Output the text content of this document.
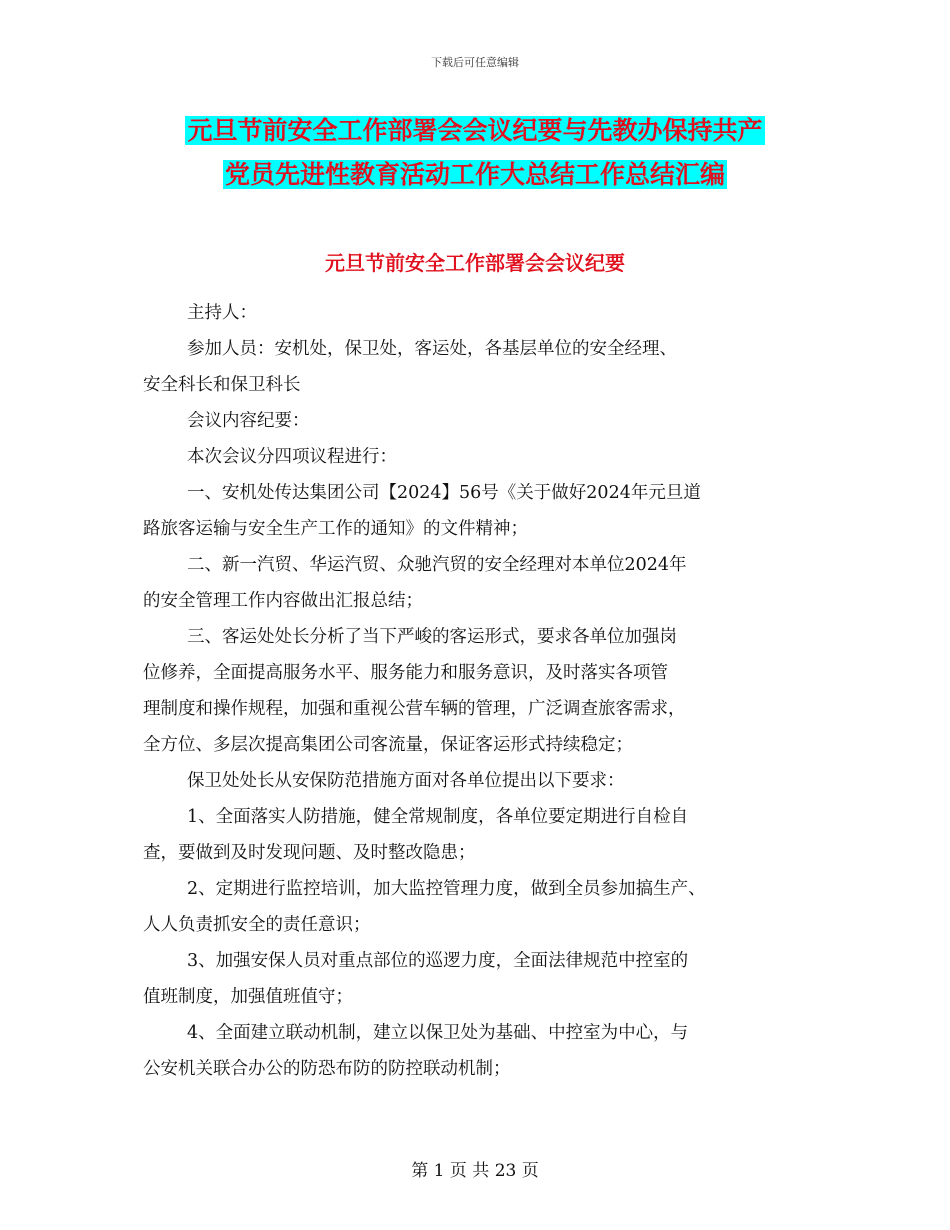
下载后可任意编辑
元旦节前安全工作部署会会议纪要与先教办保持共产
党员先进性教育活动工作大总结工作总结汇编
元旦节前安全工作部署会会议纪要
主持人：
参加人员：安机处，保卫处，客运处，各基层单位的安全经理、
安全科长和保卫科长
会议内容纪要：
本次会议分四项议程进行：
一、安机处传达集团公司【2024】56号《关于做好2024年元旦道
路旅客运输与安全生产工作的通知》的文件精神；
二、新一汽贸、华运汽贸、众驰汽贸的安全经理对本单位2024年
的安全管理工作内容做出汇报总结；
三、客运处处长分析了当下严峻的客运形式，要求各单位加强岗
位修养，全面提高服务水平、服务能力和服务意识，及时落实各项管
理制度和操作规程，加强和重视公营车辆的管理，广泛调查旅客需求，
全方位、多层次提高集团公司客流量，保证客运形式持续稳定；
保卫处处长从安保防范措施方面对各单位提出以下要求：
1、全面落实人防措施，健全常规制度，各单位要定期进行自检自
查，要做到及时发现问题、及时整改隐患；
2、定期进行监控培训，加大监控管理力度，做到全员参加搞生产、
人人负责抓安全的责任意识；
3、加强安保人员对重点部位的巡逻力度，全面法律规范中控室的
值班制度，加强值班值守；
4、全面建立联动机制，建立以保卫处为基础、中控室为中心，与
公安机关联合办公的防恐布防的防控联动机制；
第 1 页 共 23 页
